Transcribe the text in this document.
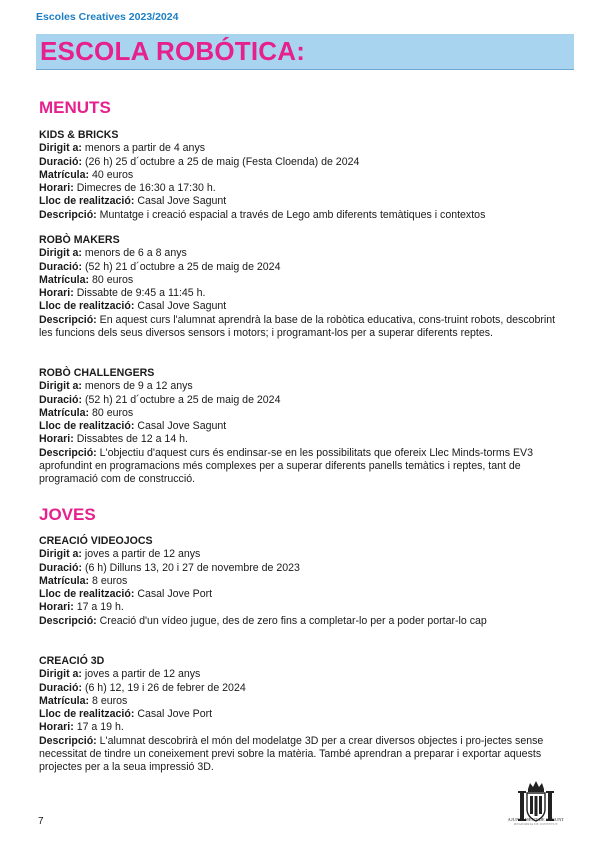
Escoles Creatives 2023/2024
ESCOLA ROBÓTICA:
MENUTS
KIDS & BRICKS
Dirigit a: menors a partir de 4 anys
Duració: (26 h) 25 d´octubre a 25 de maig (Festa Cloenda) de 2024
Matrícula: 40 euros
Horari: Dimecres de 16:30 a 17:30 h.
Lloc de realització: Casal Jove Sagunt
Descripció: Muntatge i creació espacial a través de Lego amb diferents temàtiques i contextos
ROBÒ MAKERS
Dirigit a: menors de 6 a 8 anys
Duració: (52 h) 21 d´octubre a 25 de maig de 2024
Matrícula: 80 euros
Horari: Dissabte de 9:45 a 11:45 h.
Lloc de realització: Casal Jove Sagunt
Descripció: En aquest curs l'alumnat aprendrà la base de la robòtica educativa, cons-truint robots, descobrint les funcions dels seus diversos sensors i motors; i programant-los per a superar diferents reptes.
ROBÒ CHALLENGERS
Dirigit a: menors de 9 a 12 anys
Duració: (52 h) 21 d´octubre a 25 de maig de 2024
Matrícula: 80 euros
Lloc de realització: Casal Jove Sagunt
Horari: Dissabtes de 12 a 14 h.
Descripció: L'objectiu d'aquest curs és endinsar-se en les possibilitats que ofereix Llec Minds-torms EV3 aprofundint en programacions més complexes per a superar diferents panells temàtics i reptes, tant de programació com de construcció.
JOVES
CREACIÓ VIDEOJOCS
Dirigit a: joves a partir de 12 anys
Duració: (6 h) Dilluns 13, 20 i 27 de novembre de 2023
Matrícula: 8 euros
Lloc de realització: Casal Jove Port
Horari: 17 a 19 h.
Descripció: Creació d'un vídeo jugue, des de zero fins a completar-lo per a poder portar-lo cap
CREACIÓ 3D
Dirigit a: joves a partir de 12 anys
Duració: (6 h) 12, 19 i 26 de febrer de 2024
Matrícula: 8 euros
Lloc de realització: Casal Jove Port
Horari: 17 a 19 h.
Descripció: L'alumnat descobrirà el món del modelatge 3D per a crear diversos objectes i pro-jectes sense necessitat de tindre un coneixement previ sobre la matèria. També aprendran a preparar i exportar aquests projectes per a la seua impressió 3D.
7	AJUNTAMENT DE SAGUNT
REGIDORIA DE JOVENTUT
